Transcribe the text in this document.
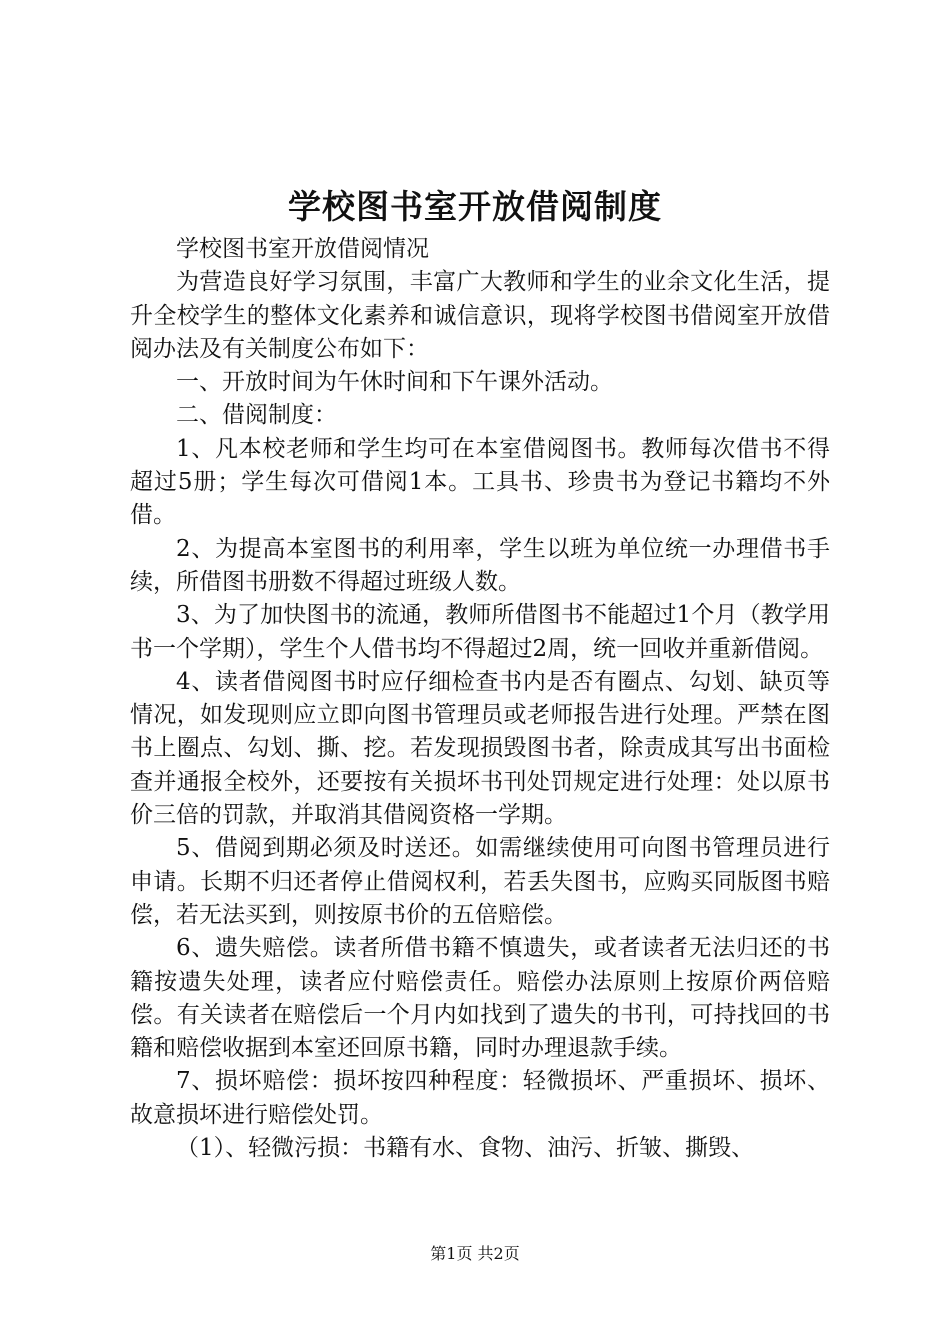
学校图书室开放借阅制度

学校图书室开放借阅情况

为营造良好学习氛围，丰富广大教师和学生的业余文化生活，提升全校学生的整体文化素养和诚信意识，现将学校图书借阅室开放借阅办法及有关制度公布如下：

一、开放时间为午休时间和下午课外活动。

二、借阅制度：

1、凡本校老师和学生均可在本室借阅图书。教师每次借书不得超过5册；学生每次可借阅1本。工具书、珍贵书为登记书籍均不外借。

2、为提高本室图书的利用率，学生以班为单位统一办理借书手续，所借图书册数不得超过班级人数。

3、为了加快图书的流通，教师所借图书不能超过1个月（教学用书一个学期），学生个人借书均不得超过2周，统一回收并重新借阅。

4、读者借阅图书时应仔细检查书内是否有圈点、勾划、缺页等情况，如发现则应立即向图书管理员或老师报告进行处理。严禁在图书上圈点、勾划、撕、挖。若发现损毁图书者，除责成其写出书面检查并通报全校外，还要按有关损坏书刊处罚规定进行处理：处以原书价三倍的罚款，并取消其借阅资格一学期。

5、借阅到期必须及时送还。如需继续使用可向图书管理员进行申请。长期不归还者停止借阅权利，若丢失图书，应购买同版图书赔偿，若无法买到，则按原书价的五倍赔偿。

6、遗失赔偿。读者所借书籍不慎遗失，或者读者无法归还的书籍按遗失处理，读者应付赔偿责任。赔偿办法原则上按原价两倍赔偿。有关读者在赔偿后一个月内如找到了遗失的书刊，可持找回的书籍和赔偿收据到本室还回原书籍，同时办理退款手续。

7、损坏赔偿：损坏按四种程度：轻微损坏、严重损坏、损坏、故意损坏进行赔偿处罚。

（1）、轻微污损：书籍有水、食物、油污、折皱、撕毁、

第1页 共2页
